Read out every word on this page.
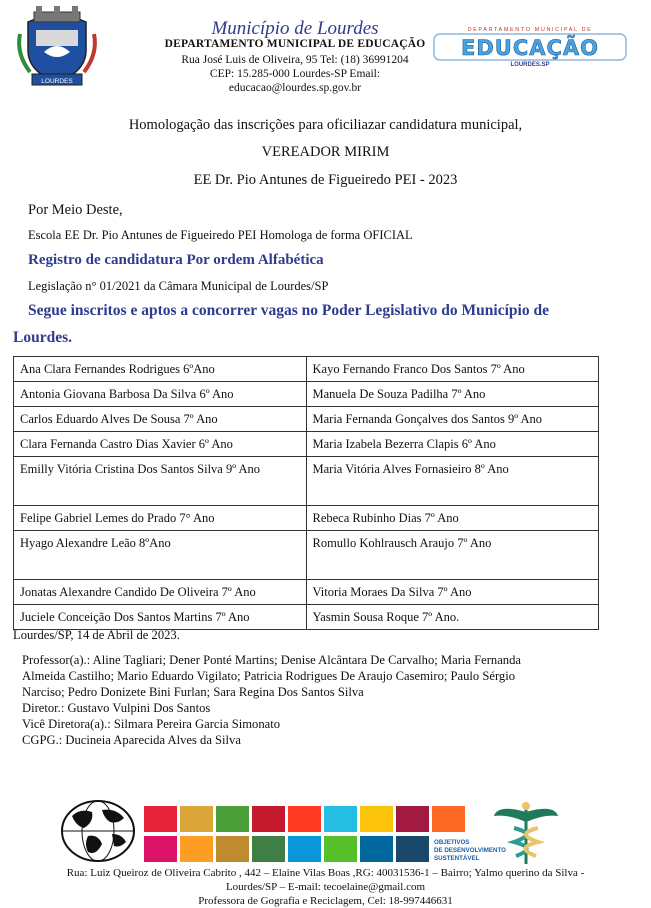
LOURDES
Município de Lourdes
DEPARTAMENTO MUNICIPAL DE EDUCAÇÃO
Rua José Luis de Oliveira, 95 Tel: (18) 36991204
CEP: 15.285-000 Lourdes-SP Email:
educacao@lourdes.sp.gov.br
EDUCAÇÃO
DEPARTAMENTO MUNICIPAL DE
LOURDES.SP
Homologação das inscrições para oficiliazar candidatura municipal,
VEREADOR MIRIM
EE Dr. Pio Antunes de Figueiredo PEI - 2023
Por Meio Deste,
Escola EE Dr. Pio Antunes de Figueiredo PEI Homologa de forma OFICIAL
Registro de candidatura Por ordem Alfabética
Legislação n° 01/2021 da Câmara Municipal de Lourdes/SP
Segue inscritos e aptos a concorrer vagas no Poder Legislativo do Município de
Lourdes.
Ana Clara Fernandes Rodrigues 6ºAno	Kayo Fernando Franco Dos Santos 7º Ano
Antonia Giovana Barbosa Da Silva 6º Ano	Manuela De Souza Padilha 7º Ano
Carlos Eduardo Alves De Sousa 7º Ano	Maria Fernanda Gonçalves dos Santos 9º Ano
Clara Fernanda Castro Dias Xavier 6º Ano	Maria Izabela Bezerra Clapis 6º Ano
Emilly Vitória Cristina Dos Santos Silva 9º Ano	Maria Vitória Alves Fornasieiro 8º Ano
Felipe Gabriel Lemes do Prado 7° Ano	Rebeca Rubinho Dias 7º Ano
Hyago Alexandre Leão 8ºAno	Romullo Kohlrausch Araujo 7º Ano
Jonatas Alexandre Candido De Oliveira 7º Ano	Vitoria Moraes Da Silva 7º Ano
Juciele Conceição Dos Santos Martins 7º Ano	Yasmin Sousa Roque 7º Ano.
Lourdes/SP, 14 de Abril de 2023.
Professor(a).: Aline Tagliari; Dener Ponté Martins; Denise Alcântara De Carvalho; Maria Fernanda
Almeida Castilho; Mario Eduardo Vigilato; Patricia Rodrigues De Araujo Casemiro; Paulo Sérgio
Narciso; Pedro Donizete Bini Furlan; Sara Regina Dos Santos Silva
Diretor.: Gustavo Vulpini Dos Santos
Vicê Diretora(a).: Silmara Pereira Garcia Simonato
CGPG.: Ducineia Aparecida Alves da Silva
OBJETIVOS
DE DESENVOLVIMENTO
SUSTENTÁVEL
Rua: Luiz Queiroz de Oliveira Cabrito , 442 – Elaine Vilas Boas ,RG: 40031536-1 – Bairro; Yalmo querino da Silva -
Lourdes/SP – E-mail: tecoelaine@gmail.com
Professora de Gografia e Reciclagem, Cel: 18-997446631
